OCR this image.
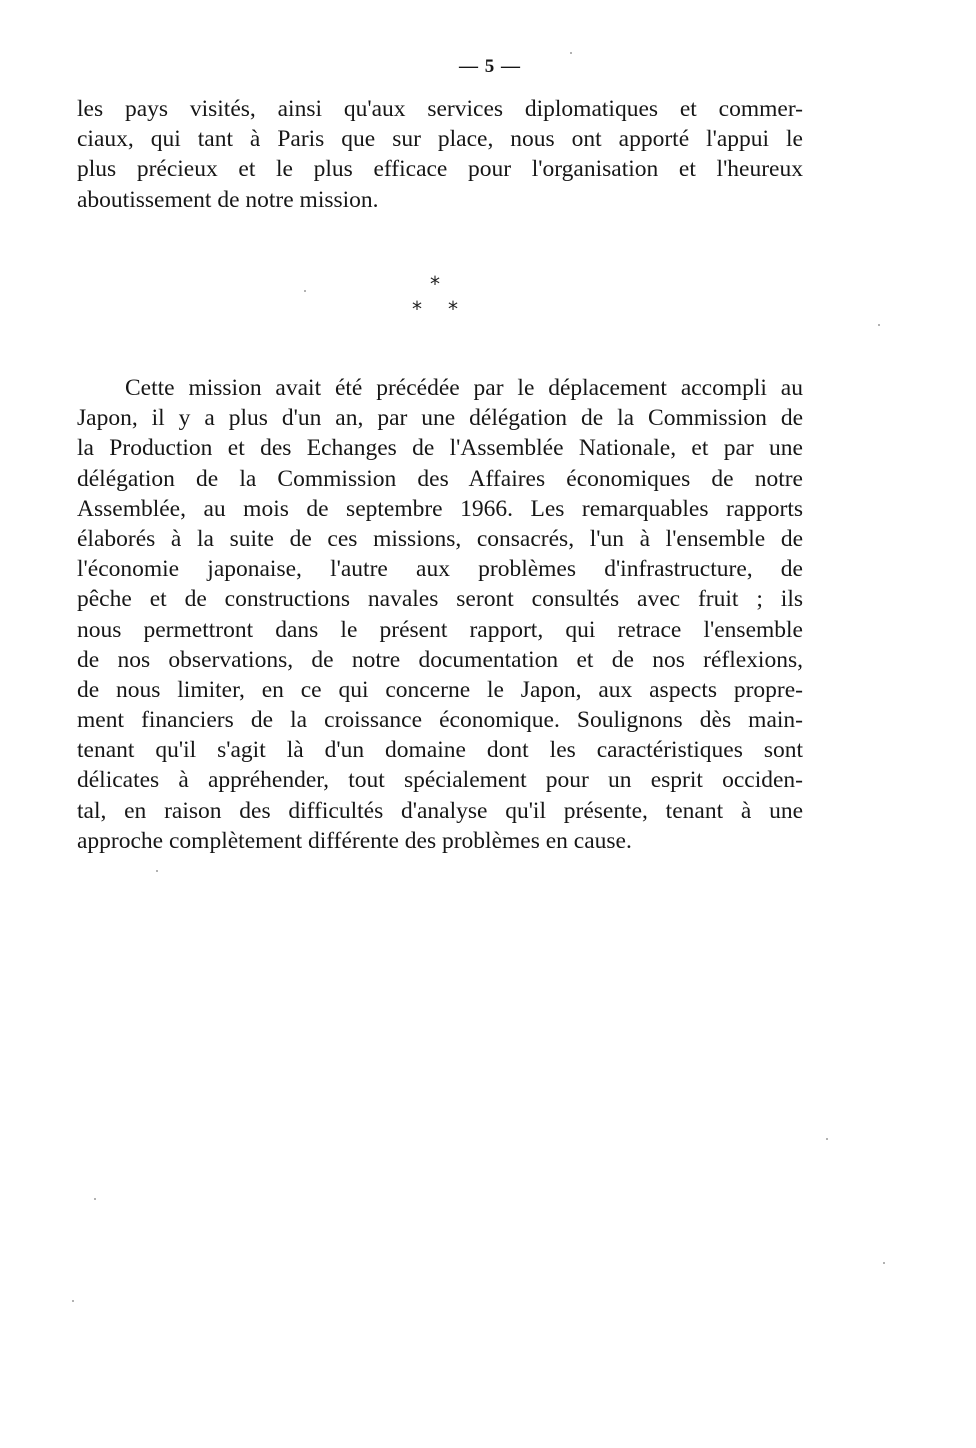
— 5 —
les pays visités, ainsi qu'aux services diplomatiques et commer-
ciaux, qui tant à Paris que sur place, nous ont apporté l'appui le
plus précieux et le plus efficace pour l'organisation et l'heureux
aboutissement de notre mission.
*
* *
Cette mission avait été précédée par le déplacement accompli au
Japon, il y a plus d'un an, par une délégation de la Commission de
la Production et des Echanges de l'Assemblée Nationale, et par une
délégation de la Commission des Affaires économiques de notre
Assemblée, au mois de septembre 1966. Les remarquables rapports
élaborés à la suite de ces missions, consacrés, l'un à l'ensemble de
l'économie japonaise, l'autre aux problèmes d'infrastructure, de
pêche et de constructions navales seront consultés avec fruit ; ils
nous permettront dans le présent rapport, qui retrace l'ensemble
de nos observations, de notre documentation et de nos réflexions,
de nous limiter, en ce qui concerne le Japon, aux aspects propre-
ment financiers de la croissance économique. Soulignons dès main-
tenant qu'il s'agit là d'un domaine dont les caractéristiques sont
délicates à appréhender, tout spécialement pour un esprit occiden-
tal, en raison des difficultés d'analyse qu'il présente, tenant à une
approche complètement différente des problèmes en cause.
